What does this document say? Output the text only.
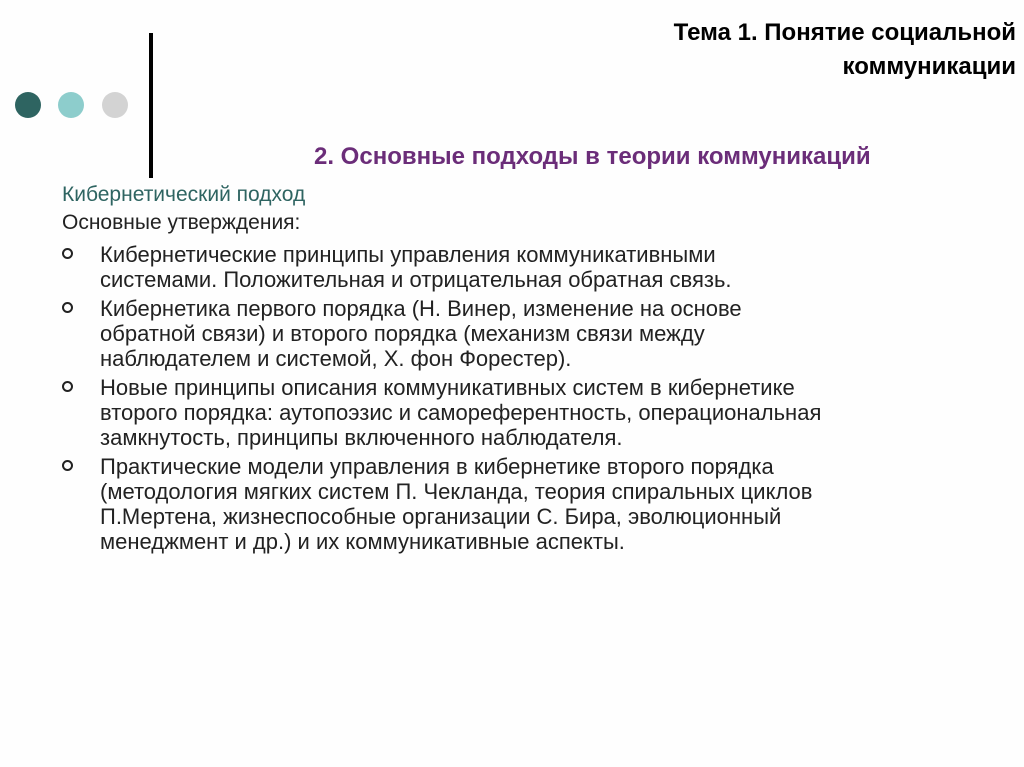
Тема 1. Понятие социальной
коммуникации
2. Основные подходы в теории коммуникаций
Кибернетический подход
Основные утверждения:
Кибернетические принципы управления коммуникативными
системами. Положительная и отрицательная обратная связь.
Кибернетика первого порядка (Н. Винер, изменение на основе
обратной связи) и второго порядка (механизм связи между
наблюдателем и системой, Х. фон Форестер).
Новые принципы описания коммуникативных систем в кибернетике
второго порядка: аутопоэзис и самореферентность, операциональная
замкнутость, принципы включенного наблюдателя.
Практические модели управления в кибернетике второго порядка
(методология мягких систем П. Чекланда, теория спиральных циклов
П.Мертена, жизнеспособные организации С. Бира, эволюционный
менеджмент и др.) и их коммуникативные аспекты.
